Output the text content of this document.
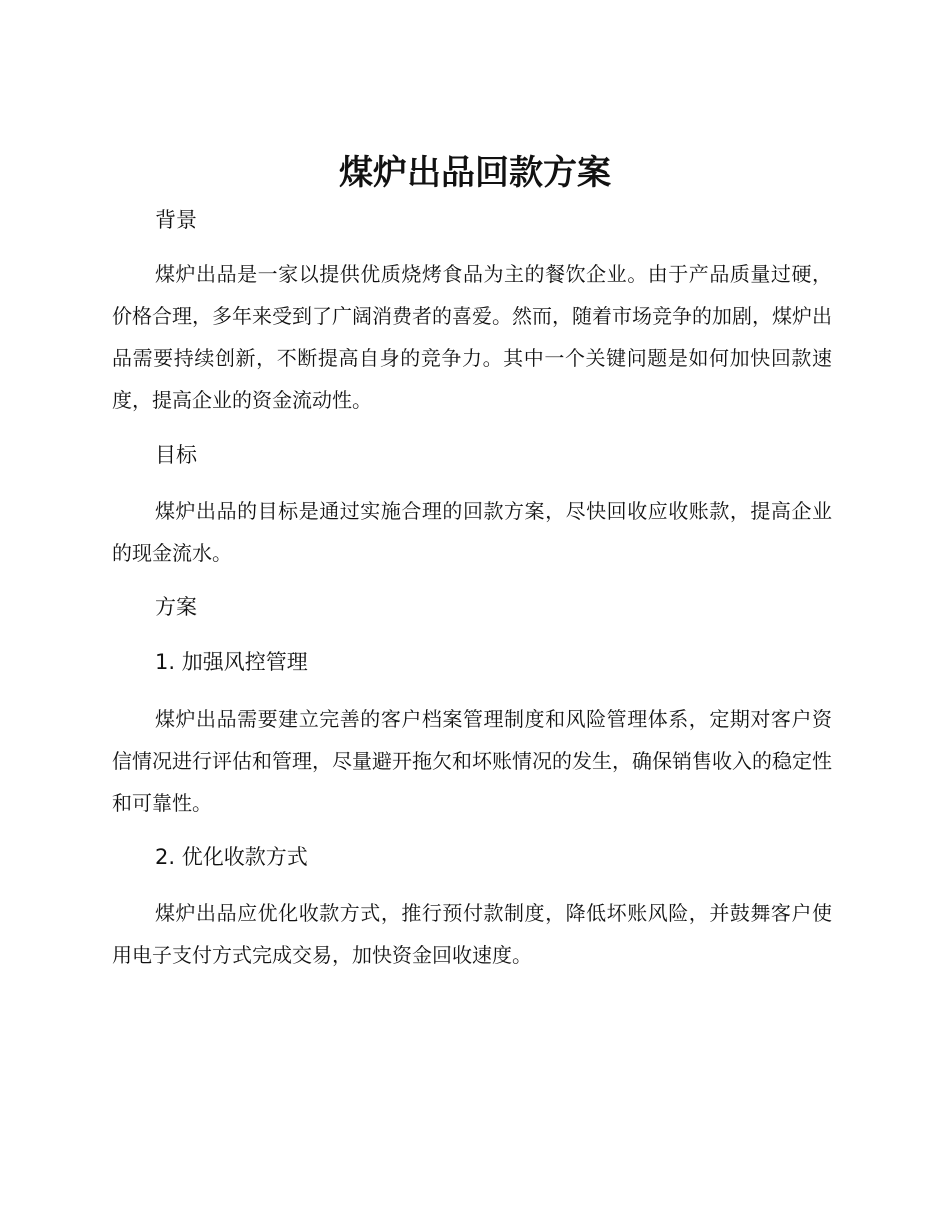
煤炉出品回款方案
背景

煤炉出品是一家以提供优质烧烤食品为主的餐饮企业。由于产品质量过硬，价格合理，多年来受到了广阔消费者的喜爱。然而，随着市场竞争的加剧，煤炉出品需要持续创新，不断提高自身的竞争力。其中一个关键问题是如何加快回款速度，提高企业的资金流动性。

目标

煤炉出品的目标是通过实施合理的回款方案，尽快回收应收账款，提高企业的现金流水。

方案
1. 加强风控管理

煤炉出品需要建立完善的客户档案管理制度和风险管理体系，定期对客户资信情况进行评估和管理，尽量避开拖欠和坏账情况的发生，确保销售收入的稳定性和可靠性。

2. 优化收款方式

煤炉出品应优化收款方式，推行预付款制度，降低坏账风险，并鼓舞客户使用电子支付方式完成交易，加快资金回收速度。
